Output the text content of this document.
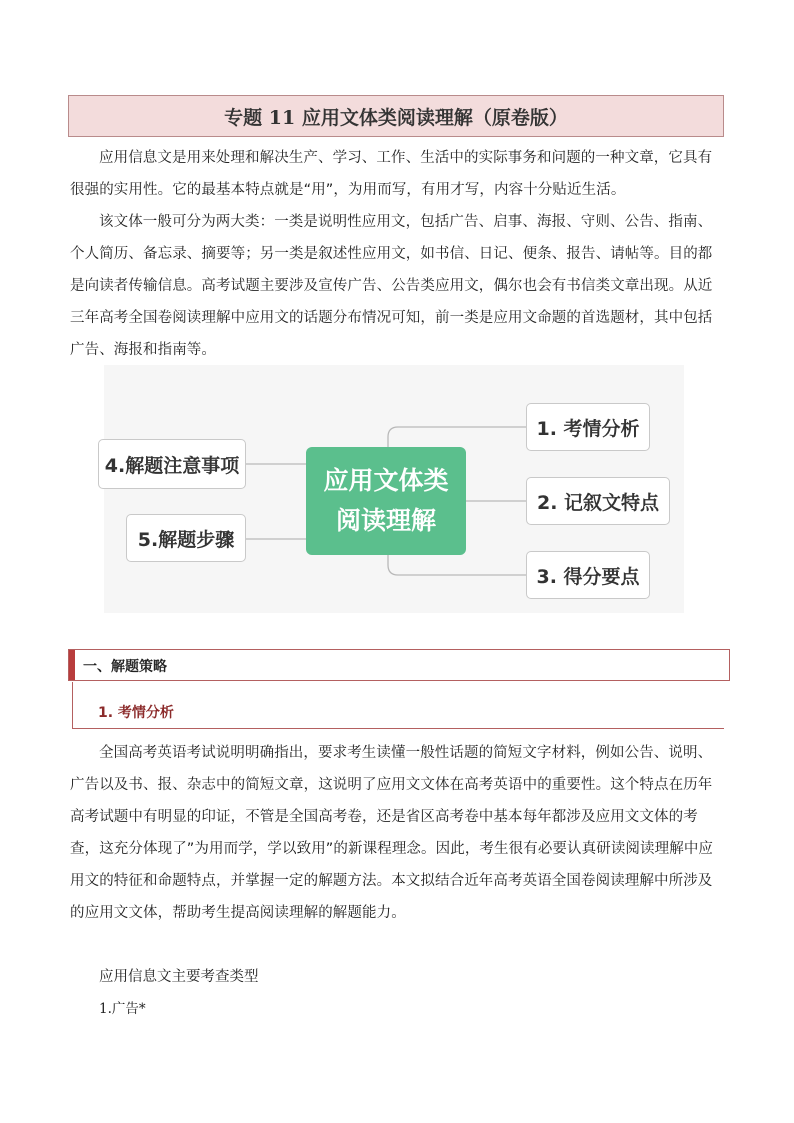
专题 11 应用文体类阅读理解（原卷版）

应用信息文是用来处理和解决生产、学习、工作、生活中的实际事务和问题的一种文章，它具有很强的实用性。它的最基本特点就是“用”，为用而写，有用才写，内容十分贴近生活。

该文体一般可分为两大类：一类是说明性应用文，包括广告、启事、海报、守则、公告、指南、个人简历、备忘录、摘要等；另一类是叙述性应用文，如书信、日记、便条、报告、请帖等。目的都是向读者传输信息。高考试题主要涉及宣传广告、公告类应用文，偶尔也会有书信类文章出现。从近三年高考全国卷阅读理解中应用文的话题分布情况可知，前一类是应用文命题的首选题材，其中包括广告、海报和指南等。

4.解题注意事项
5.解题步骤
应用文体类
阅读理解
1. 考情分析
2. 记叙文特点
3. 得分要点
一、解题策略
1. 考情分析

全国高考英语考试说明明确指出，要求考生读懂一般性话题的简短文字材料，例如公告、说明、广告以及书、报、杂志中的简短文章，这说明了应用文文体在高考英语中的重要性。这个特点在历年高考试题中有明显的印证，不管是全国高考卷，还是省区高考卷中基本每年都涉及应用文文体的考查，这充分体现了”为用而学，学以致用”的新课程理念。因此，考生很有必要认真研读阅读理解中应用文的特征和命题特点，并掌握一定的解题方法。本文拟结合近年高考英语全国卷阅读理解中所涉及的应用文文体，帮助考生提高阅读理解的解题能力。

应用信息文主要考查类型
1.广告*
